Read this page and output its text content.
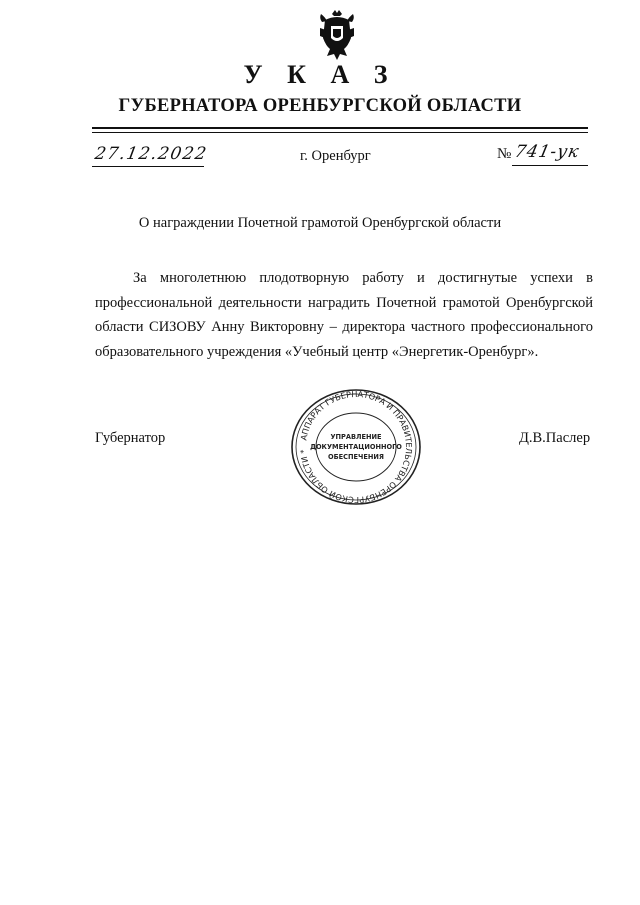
У К А З
ГУБЕРНАТОРА ОРЕНБУРГСКОЙ ОБЛАСТИ
27.12.2022	г. Оренбург	№ 741-ук
О награждении Почетной грамотой Оренбургской области
За многолетнюю плодотворную работу и достигнутые успехи в
профессиональной деятельности наградить Почетной грамотой Оренбургской
области СИЗОВУ Анну Викторовну – директора частного профессионального
образовательного учреждения «Учебный центр «Энергетик-Оренбург».
Губернатор	Д.В.Паслер
АППАРАТ ГУБЕРНАТОРА И ПРАВИТЕЛЬСТВА ОРЕНБУРГСКОЙ ОБЛАСТИ *
УПРАВЛЕНИЕ
ДОКУМЕНТАЦИОННОГО
ОБЕСПЕЧЕНИЯ
